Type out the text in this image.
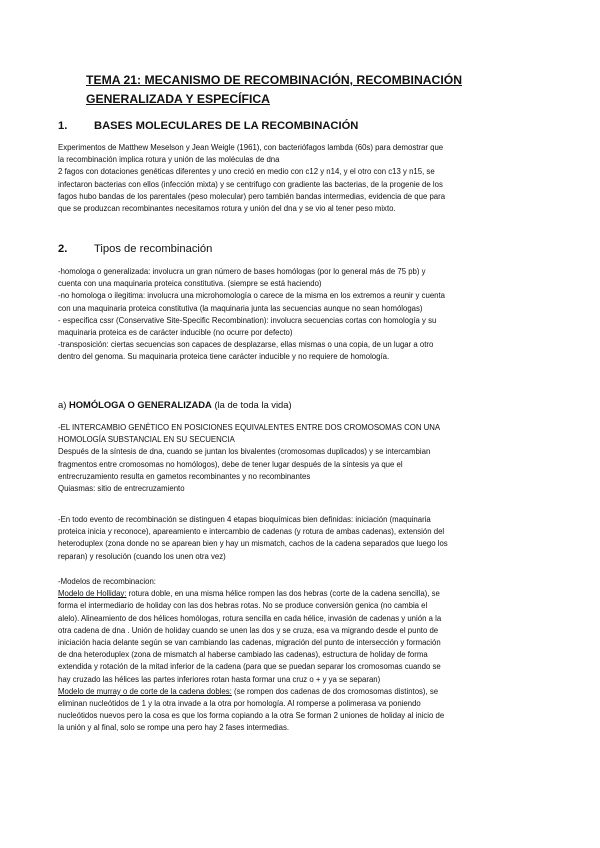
TEMA 21: MECANISMO DE RECOMBINACIÓN, RECOMBINACIÓN
GENERALIZADA Y ESPECÍFICA
1. BASES MOLECULARES DE LA RECOMBINACIÓN

Experimentos de Matthew Meselson y Jean Weigle (1961), con bacteriófagos lambda (60s) para demostrar que

la recombinación implica rotura y unión de las moléculas de dna

2 fagos con dotaciones genéticas diferentes y uno creció en medio con c12 y n14, y el otro con c13 y n15, se

infectaron bacterias con ellos (infección mixta) y se centrifugo con gradiente las bacterias, de la progenie de los

fagos hubo bandas de los parentales (peso molecular) pero también bandas intermedias, evidencia de que para

que se produzcan recombinantes necesitamos rotura y unión del dna y se vio al tener peso mixto.

2. Tipos de recombinación

-homologa o generalizada: involucra un gran número de bases homólogas (por lo general más de 75 pb) y

cuenta con una maquinaria proteica constitutiva. (siempre se está haciendo)

-no homologa o ilegitima: involucra una microhomología o carece de la misma en los extremos a reunir y cuenta

con una maquinaria proteica constitutiva (la maquinaria junta las secuencias aunque no sean homólogas)

- especifica cssr (Conservative Site-Specific Recombination): involucra secuencias cortas con homología y su

maquinaria proteica es de carácter inducible (no ocurre por defecto)

-transposición: ciertas secuencias son capaces de desplazarse, ellas mismas o una copia, de un lugar a otro

dentro del genoma. Su maquinaria proteica tiene carácter inducible y no requiere de homología.

a) HOMÓLOGA O GENERALIZADA (la de toda la vida)

-EL INTERCAMBIO GENÉTICO EN POSICIONES EQUIVALENTES ENTRE DOS CROMOSOMAS CON UNA

HOMOLOGÍA SUBSTANCIAL EN SU SECUENCIA

Después de la síntesis de dna, cuando se juntan los bivalentes (cromosomas duplicados) y se intercambian

fragmentos entre cromosomas no homólogos), debe de tener lugar después de la síntesis ya que el

entrecruzamiento resulta en gametos recombinantes y no recombinantes

Quiasmas: sitio de entrecruzamiento

-En todo evento de recombinación se distinguen 4 etapas bioquímicas bien definidas: iniciación (maquinaria

proteica inicia y reconoce), apareamiento e intercambio de cadenas (y rotura de ambas cadenas), extensión del

heteroduplex (zona donde no se aparean bien y hay un mismatch, cachos de la cadena separados que luego los

reparan) y resolución (cuando los unen otra vez)

-Modelos de recombinacion:

Modelo de Holliday: rotura doble, en una misma hélice rompen las dos hebras (corte de la cadena sencilla), se

forma el intermediario de holiday con las dos hebras rotas. No se produce conversión genica (no cambia el

alelo). Alineamiento de dos hélices homólogas, rotura sencilla en cada hélice, invasión de cadenas y unión a la

otra cadena de dna . Unión de holiday cuando se unen las dos y se cruza, esa va migrando desde el punto de

iniciación hacia delante según se van cambiando las cadenas, migración del punto de intersección y formación

de dna heteroduplex (zona de mismatch al haberse cambiado las cadenas), estructura de holiday de forma

extendida y rotación de la mitad inferior de la cadena (para que se puedan separar los cromosomas cuando se

hay cruzado las hélices las partes inferiores rotan hasta formar una cruz o + y ya se separan)

Modelo de murray o de corte de la cadena dobles: (se rompen dos cadenas de dos cromosomas distintos), se

eliminan nucleótidos de 1 y la otra invade a la otra por homología. Al romperse a polimerasa va poniendo

nucleótidos nuevos pero la cosa es que los forma copiando a la otra Se forman 2 uniones de holiday al inicio de

la unión y al final, solo se rompe una pero hay 2 fases intermedias.
